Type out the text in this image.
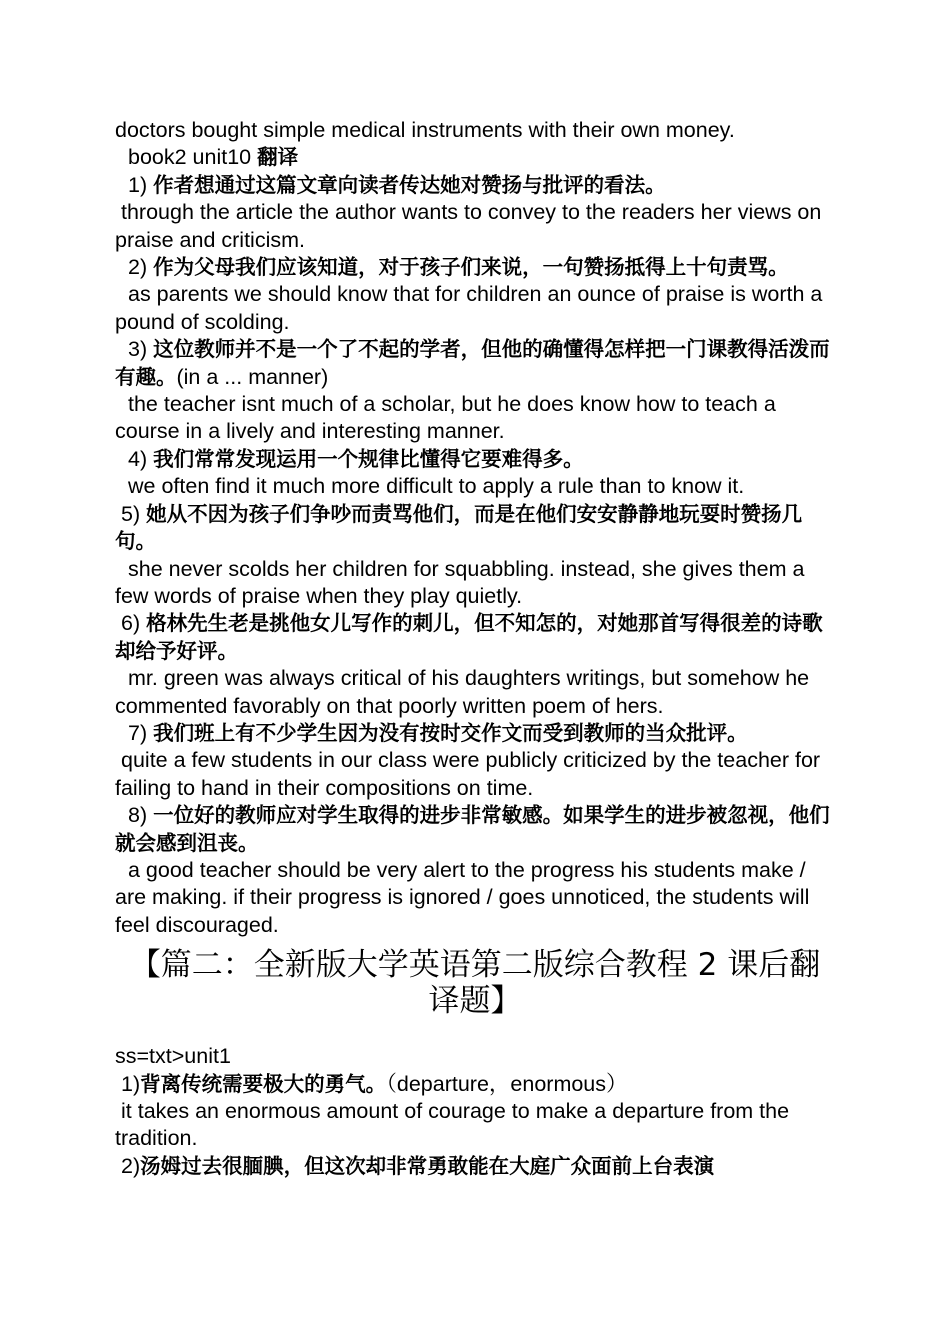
doctors bought simple medical instruments with their own money.
book2 unit10 翻译
1) 作者想通过这篇文章向读者传达她对赞扬与批评的看法。
through the article the author wants to convey to the readers her views on praise and criticism.
2) 作为父母我们应该知道，对于孩子们来说，一句赞扬抵得上十句责骂。
as parents we should know that for children an ounce of praise is worth a pound of scolding.
3) 这位教师并不是一个了不起的学者，但他的确懂得怎样把一门课教得活泼而有趣。(in a ... manner)
the teacher isnt much of a scholar, but he does know how to teach a course in a lively and interesting manner.
4) 我们常常发现运用一个规律比懂得它要难得多。
we often find it much more difficult to apply a rule than to know it.
5) 她从不因为孩子们争吵而责骂他们，而是在他们安安静静地玩耍时赞扬几句。
she never scolds her children for squabbling. instead, she gives them a few words of praise when they play quietly.
6) 格林先生老是挑他女儿写作的刺儿，但不知怎的，对她那首写得很差的诗歌却给予好评。
mr. green was always critical of his daughters writings, but somehow he commented favorably on that poorly written poem of hers.
7) 我们班上有不少学生因为没有按时交作文而受到教师的当众批评。
quite a few students in our class were publicly criticized by the teacher for failing to hand in their compositions on time.
8) 一位好的教师应对学生取得的进步非常敏感。如果学生的进步被忽视，他们就会感到沮丧。
a good teacher should be very alert to the progress his students make / are making. if their progress is ignored / goes unnoticed, the students will feel discouraged.
【篇二：全新版大学英语第二版综合教程 2 课后翻译题】
ss=txt>unit1
1)背离传统需要极大的勇气。（departure，enormous）
it takes an enormous amount of courage to make a departure from the tradition.
2)汤姆过去很腼腆，但这次却非常勇敢能在大庭广众面前上台表演
